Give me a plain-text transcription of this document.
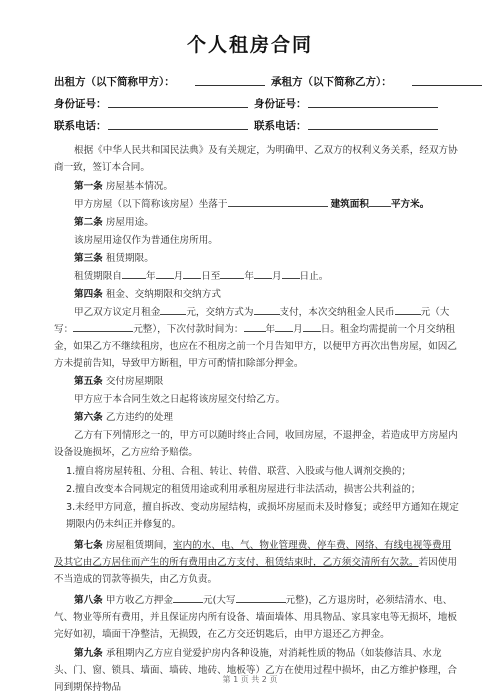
个人租房合同
出租方（以下简称甲方）：	承租方（以下简称乙方）：
身份证号：	身份证号：
联系电话：	联系电话：
根据《中华人民共和国民法典》及有关规定，为明确甲、乙双方的权利义务关系，经双方协商一致，签订本合同。
第一条 房屋基本情况。
甲方房屋（以下简称该房屋）坐落于	建筑面积 平方米。
第二条 房屋用途。
该房屋用途仅作为普通住房所用。
第三条 租赁期限。
租赁期限自	年 月 日至	年 月 日止。
第四条 租金、交纳期限和交纳方式
甲乙双方议定月租金	元，交纳方式为	支付，本次交纳租金人民币	元（大写：	元整），下次付款时间为： 年 月 日。租金均需提前一个月交纳租金，如果乙方不继续租房，也应在不租房之前一个月告知甲方，以便甲方再次出售房屋，如因乙方未提前告知，导致甲方断租，甲方可酌情扣除部分押金。
第五条 交付房屋期限
甲方应于本合同生效之日起将该房屋交付给乙方。
第六条 乙方违约的处理
乙方有下列情形之一的，甲方可以随时终止合同，收回房屋，不退押金，若造成甲方房屋内设备设施损坏，乙方应给予赔偿。
1.擅自将房屋转租、分租、合租、转让、转借、联营、入股或与他人调剂交换的；
2.擅自改变本合同规定的租赁用途或利用承租房屋进行非法活动，损害公共利益的；
3.未经甲方同意，擅自拆改、变动房屋结构，或损坏房屋而未及时修复；或经甲方通知在规定期限内仍未纠正并修复的。
第七条 房屋租赁期间，室内的水、电、气、物业管理费、停车费、网络、有线电视等费用及其它由乙方居住而产生的所有费用由乙方支付，租赁结束时，乙方须交清所有欠款。若因使用不当造成的罚款等损失，由乙方负责。
第八条 甲方收乙方押金	元(大写	元整)，乙方退房时，必须结清水、电、气、物业等所有费用，并且保证房内所有设备、墙面墙体、用具物品、家具家电等无损坏，地板完好如初，墙面干净整洁，无损毁，在乙方交还钥匙后，由甲方退还乙方押金。
第九条 承租期内乙方应自觉爱护房内各种设施，对消耗性质的物品（如装修洁具、水龙头、门、窗、锁具、墙面、墙砖、地砖、地板等）乙方在使用过程中损坏，由乙方维护修理，合同到期保持物品
第 1 页 共 2 页
